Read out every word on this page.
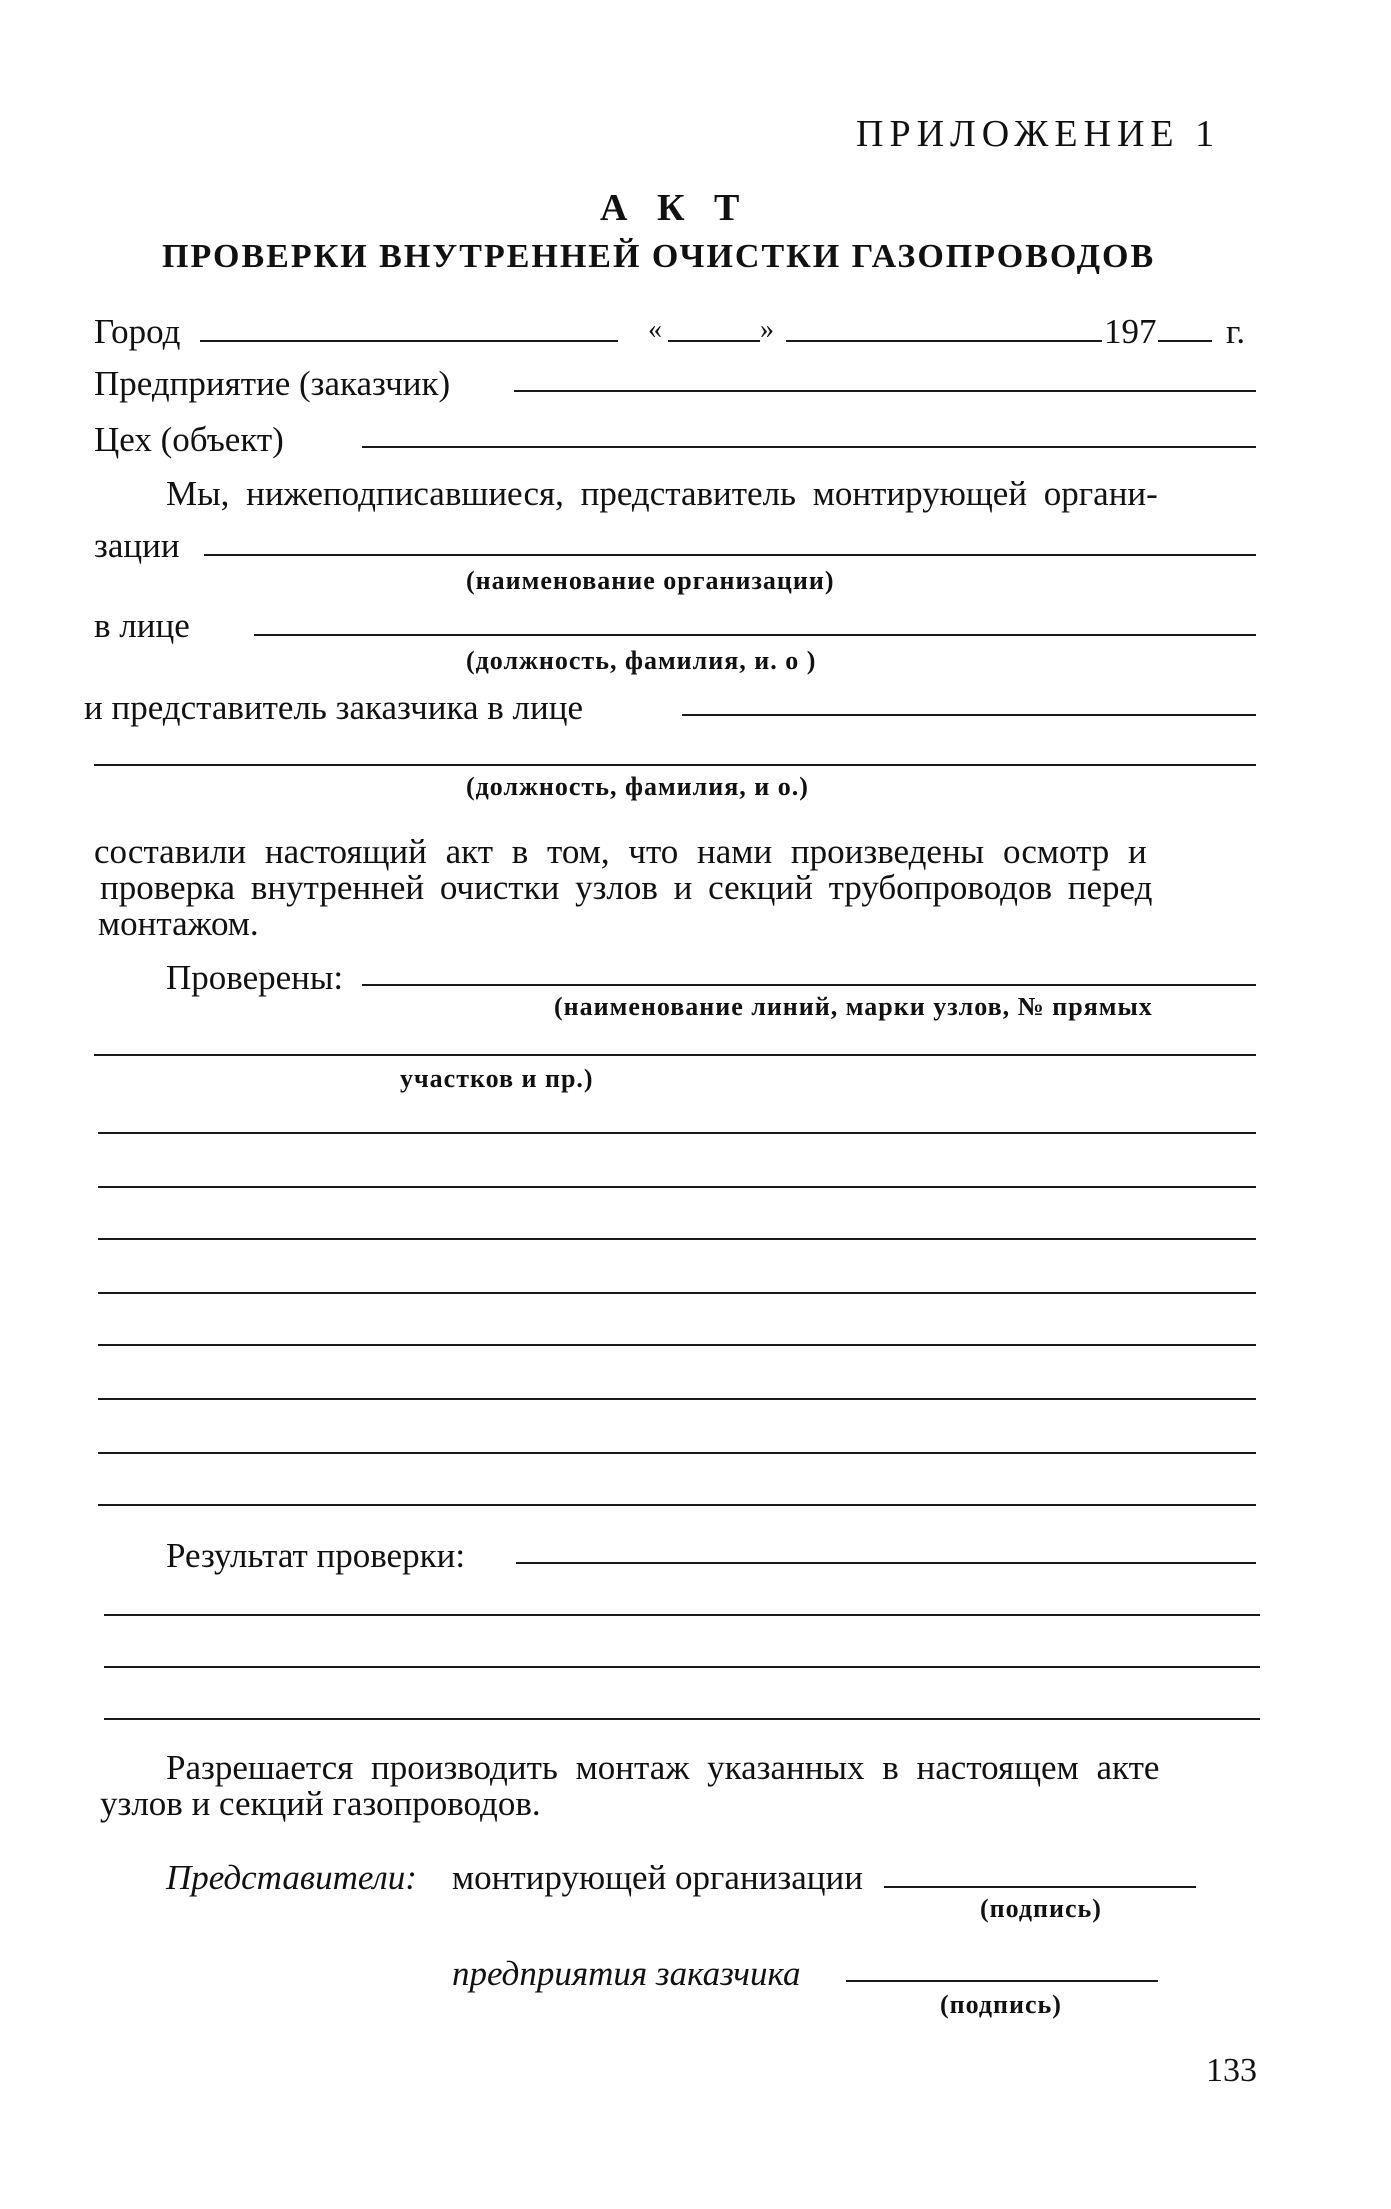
ПРИЛОЖЕНИЕ 1
А К Т
ПРОВЕРКИ ВНУТРЕННЕЙ ОЧИСТКИ ГАЗОПРОВОДОВ
Город	«	»	197 г.
Предприятие (заказчик)
Цех (объект)
Мы, нижеподписавшиеся, представитель монтирующей органи-
зации
(наименование организации)
в лице
(должность, фамилия, и. о )
и представитель заказчика в лице
(должность, фамилия, и о.)
составили настоящий акт в том, что нами произведены осмотр и
проверка внутренней очистки узлов и секций трубопроводов перед
монтажом.
Проверены:
(наименование линий, марки узлов, № прямых
участков и пр.)
Результат проверки:
Разрешается производить монтаж указанных в настоящем акте
узлов и секций газопроводов.
Представители: монтирующей организации
(подпись)
предприятия заказчика
(подпись)
133
